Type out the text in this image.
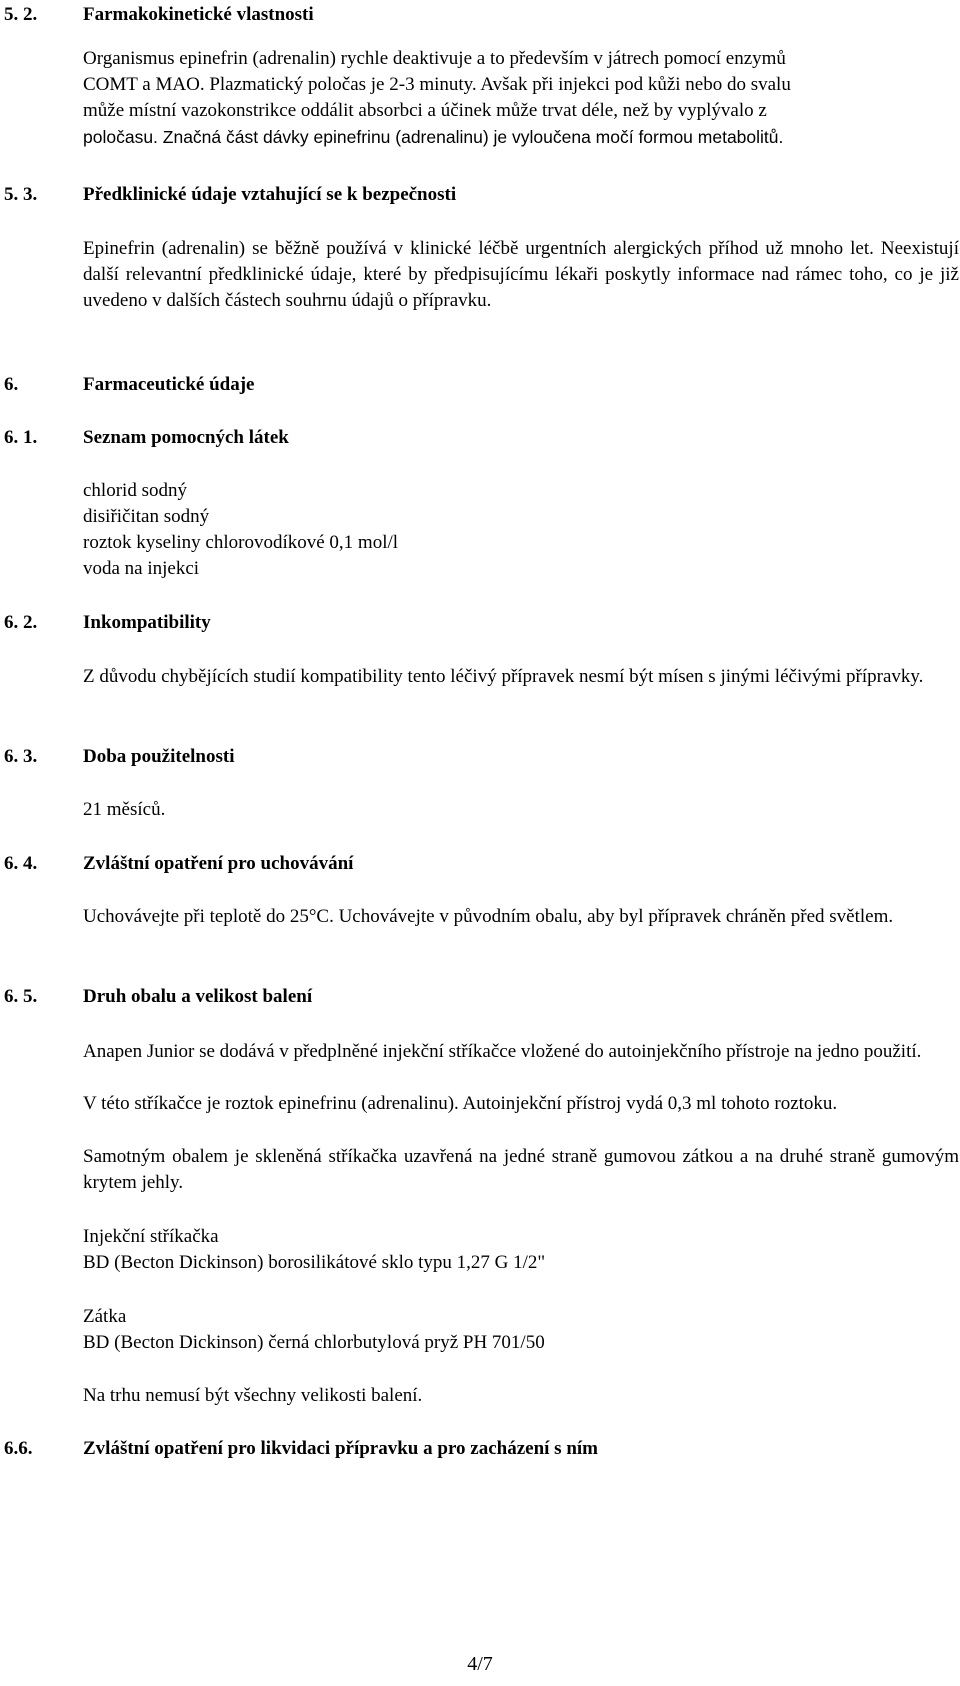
5. 2. Farmakokinetické vlastnosti
Organismus epinefrin (adrenalin) rychle deaktivuje a to především v játrech pomocí enzymů
COMT a MAO. Plazmatický poločas je 2-3 minuty. Avšak při injekci pod kůži nebo do svalu
může místní vazokonstrikce oddálit absorbci a účinek může trvat déle, než by vyplývalo z
poločasu. Značná část dávky epinefrinu (adrenalinu) je vyloučena močí formou metabolitů.
5. 3. Předklinické údaje vztahující se k bezpečnosti
Epinefrin (adrenalin) se běžně používá v klinické léčbě urgentních alergických příhod už mnoho let. Neexistují další relevantní předklinické údaje, které by předpisujícímu lékaři poskytly informace nad rámec toho, co je již uvedeno v dalších částech souhrnu údajů o přípravku.
6.	Farmaceutické údaje
6. 1. Seznam pomocných látek
chlorid sodný
disiřičitan sodný
roztok kyseliny chlorovodíkové 0,1 mol/l
voda na injekci
6. 2. Inkompatibility
Z důvodu chybějících studií kompatibility tento léčivý přípravek nesmí být mísen s jinými léčivými přípravky.
6. 3. Doba použitelnosti
21 měsíců.
6. 4. Zvláštní opatření pro uchovávání
Uchovávejte při teplotě do 25°C. Uchovávejte v původním obalu, aby byl přípravek chráněn před světlem.
6. 5. Druh obalu a velikost balení
Anapen Junior se dodává v předplněné injekční stříkačce vložené do autoinjekčního přístroje na jedno použití.
V této stříkačce je roztok epinefrinu (adrenalinu). Autoinjekční přístroj vydá 0,3 ml tohoto roztoku.
Samotným obalem je skleněná stříkačka uzavřená na jedné straně gumovou zátkou a na druhé straně gumovým krytem jehly.
Injekční stříkačka
BD (Becton Dickinson) borosilikátové sklo typu 1,27 G 1/2"
Zátka
BD (Becton Dickinson) černá chlorbutylová pryž PH 701/50
Na trhu nemusí být všechny velikosti balení.
6.6.	Zvláštní opatření pro likvidaci přípravku a pro zacházení s ním
4/7
